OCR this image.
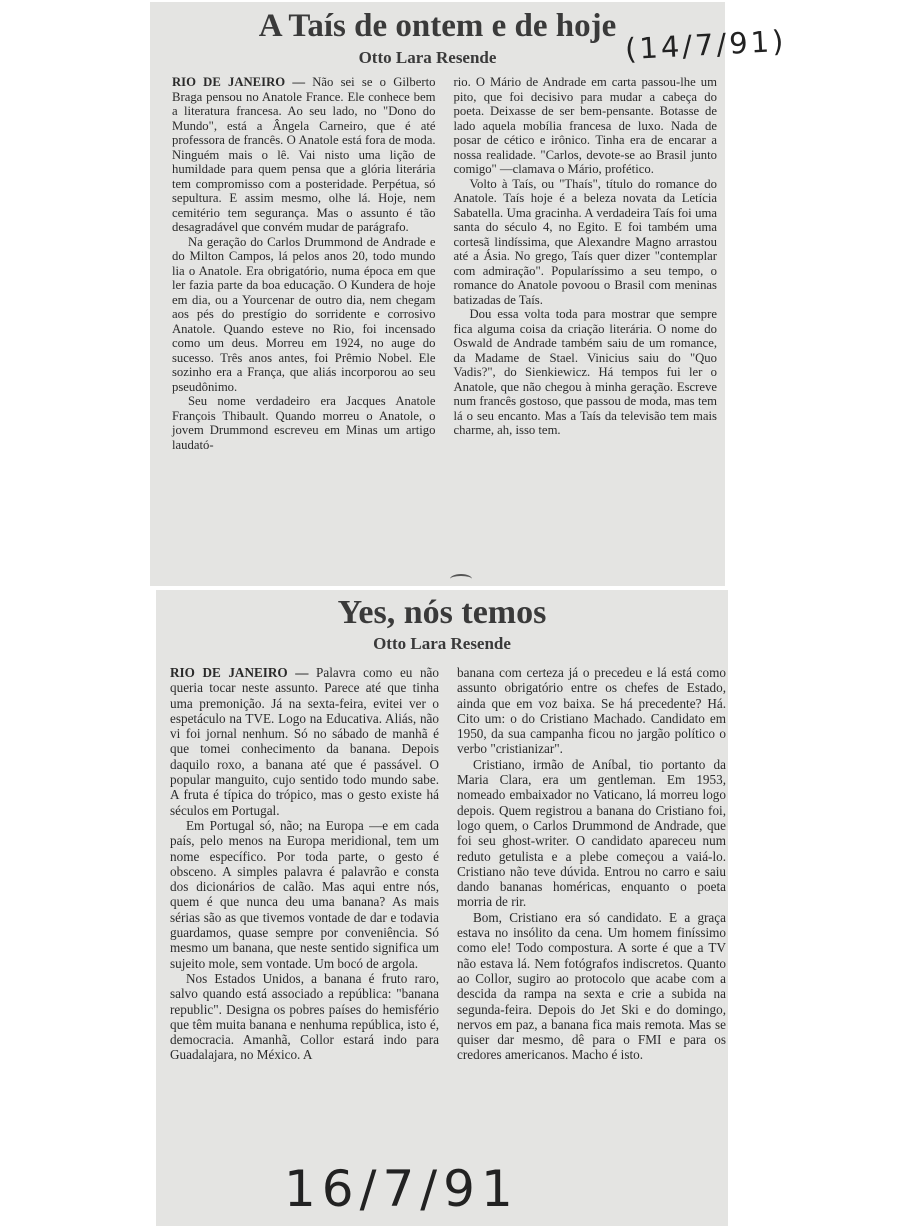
A Taís de ontem e de hoje (14/7/91)
Otto Lara Resende

RIO DE JANEIRO — Não sei se o Gilberto Braga pensou no Anatole France. Ele conhece bem a literatura francesa. Ao seu lado, no "Dono do Mundo", está a Ângela Carneiro, que é até professora de francês. O Anatole está fora de moda. Ninguém mais o lê. Vai nisto uma lição de humildade para quem pensa que a glória literária tem compromisso com a posteridade. Perpétua, só sepultura. E assim mesmo, olhe lá. Hoje, nem cemitério tem segurança. Mas o assunto é tão desagradável que convém mudar de parágrafo.

Na geração do Carlos Drummond de Andrade e do Milton Campos, lá pelos anos 20, todo mundo lia o Anatole. Era obrigatório, numa época em que ler fazia parte da boa educação. O Kundera de hoje em dia, ou a Yourcenar de outro dia, nem chegam aos pés do prestígio do sorridente e corrosivo Anatole. Quando esteve no Rio, foi incensado como um deus. Morreu em 1924, no auge do sucesso. Três anos antes, foi Prêmio Nobel. Ele sozinho era a França, que aliás incorporou ao seu pseudônimo.

Seu nome verdadeiro era Jacques Anatole François Thibault. Quando morreu o Anatole, o jovem Drummond escreveu em Minas um artigo laudató-

rio. O Mário de Andrade em carta passou-lhe um pito, que foi decisivo para mudar a cabeça do poeta. Deixasse de ser bem-pensante. Botasse de lado aquela mobília francesa de luxo. Nada de posar de cético e irônico. Tinha era de encarar a nossa realidade. "Carlos, devote-se ao Brasil junto comigo" —clamava o Mário, profético.

Volto à Taís, ou "Thaís", título do romance do Anatole. Taís hoje é a beleza novata da Letícia Sabatella. Uma gracinha. A verdadeira Taís foi uma santa do século 4, no Egito. E foi também uma cortesã lindíssima, que Alexandre Magno arrastou até a Ásia. No grego, Taís quer dizer "contemplar com admiração". Popularíssimo a seu tempo, o romance do Anatole povoou o Brasil com meninas batizadas de Taís.

Dou essa volta toda para mostrar que sempre fica alguma coisa da criação literária. O nome do Oswald de Andrade também saiu de um romance, da Madame de Stael. Vinicius saiu do "Quo Vadis?", do Sienkiewicz. Há tempos fui ler o Anatole, que não chegou à minha geração. Escreve num francês gostoso, que passou de moda, mas tem lá o seu encanto. Mas a Taís da televisão tem mais charme, ah, isso tem.

Yes, nós temos
Otto Lara Resende

RIO DE JANEIRO — Palavra como eu não queria tocar neste assunto. Parece até que tinha uma premonição. Já na sexta-feira, evitei ver o espetáculo na TVE. Logo na Educativa. Aliás, não vi foi jornal nenhum. Só no sábado de manhã é que tomei conhecimento da banana. Depois daquilo roxo, a banana até que é passável. O popular manguito, cujo sentido todo mundo sabe. A fruta é típica do trópico, mas o gesto existe há séculos em Portugal.

Em Portugal só, não; na Europa —e em cada país, pelo menos na Europa meridional, tem um nome específico. Por toda parte, o gesto é obsceno. A simples palavra é palavrão e consta dos dicionários de calão. Mas aqui entre nós, quem é que nunca deu uma banana? As mais sérias são as que tivemos vontade de dar e todavia guardamos, quase sempre por conveniência. Só mesmo um banana, que neste sentido significa um sujeito mole, sem vontade. Um bocó de argola.

Nos Estados Unidos, a banana é fruto raro, salvo quando está associado a república: "banana republic". Designa os pobres países do hemisfério que têm muita banana e nenhuma república, isto é, democracia. Amanhã, Collor estará indo para Guadalajara, no México. A

banana com certeza já o precedeu e lá está como assunto obrigatório entre os chefes de Estado, ainda que em voz baixa. Se há precedente? Há. Cito um: o do Cristiano Machado. Candidato em 1950, da sua campanha ficou no jargão político o verbo "cristianizar".

Cristiano, irmão de Aníbal, tio portanto da Maria Clara, era um gentleman. Em 1953, nomeado embaixador no Vaticano, lá morreu logo depois. Quem registrou a banana do Cristiano foi, logo quem, o Carlos Drummond de Andrade, que foi seu ghost-writer. O candidato apareceu num reduto getulista e a plebe começou a vaiá-lo. Cristiano não teve dúvida. Entrou no carro e saiu dando bananas homéricas, enquanto o poeta morria de rir.

Bom, Cristiano era só candidato. E a graça estava no insólito da cena. Um homem finíssimo como ele! Todo compostura. A sorte é que a TV não estava lá. Nem fotógrafos indiscretos. Quanto ao Collor, sugiro ao protocolo que acabe com a descida da rampa na sexta e crie a subida na segunda-feira. Depois do Jet Ski e do domingo, nervos em paz, a banana fica mais remota. Mas se quiser dar mesmo, dê para o FMI e para os credores americanos. Macho é isto.

16/7/91
